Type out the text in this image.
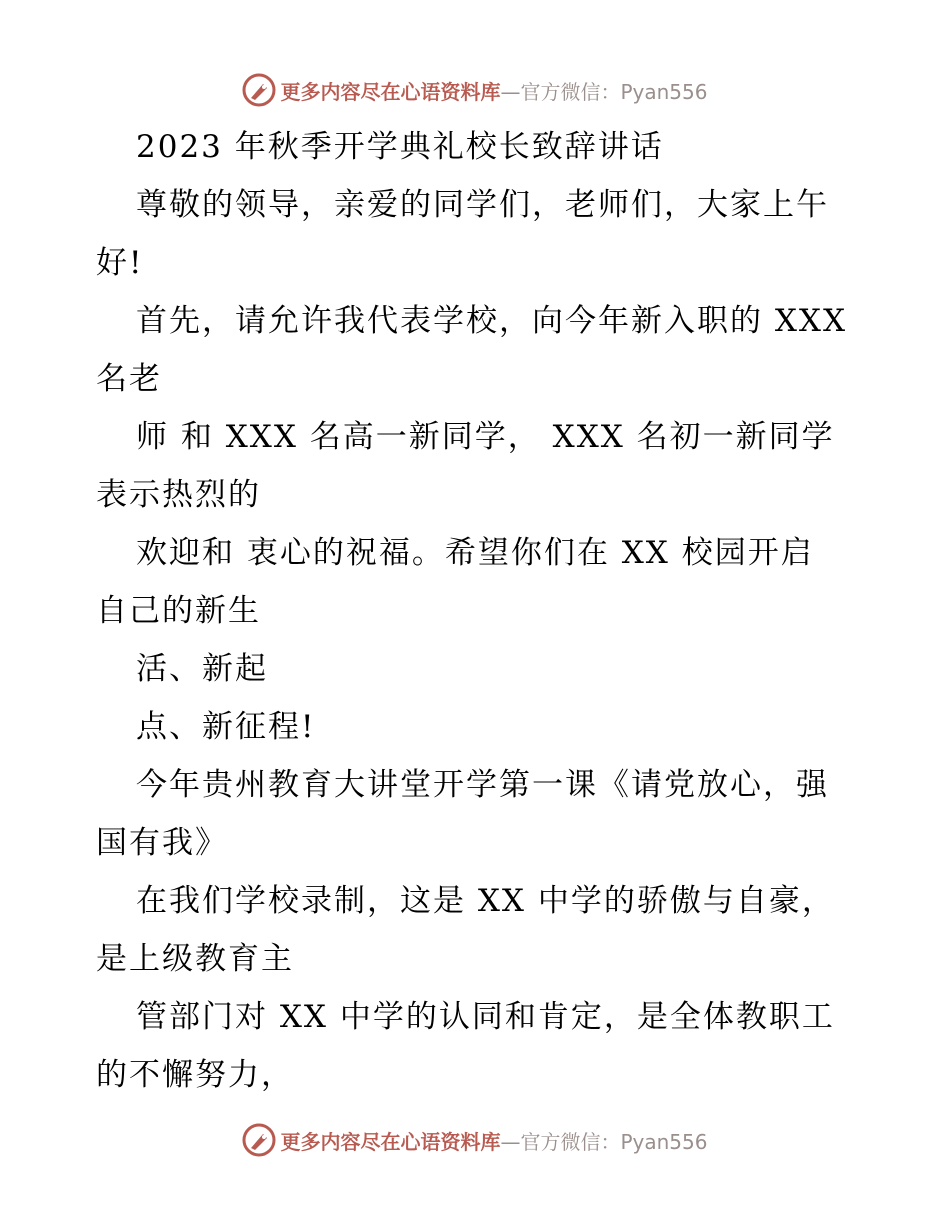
更多内容尽在心语资料库—官方微信：Pyan556
2023 年秋季开学典礼校长致辞讲话
尊敬的领导，亲爱的同学们，老师们，大家上午
好!
首先，请允许我代表学校，向今年新入职的 XXX
名老
师 和 XXX 名高一新同学， XXX 名初一新同学
表示热烈的
欢迎和 衷心的祝福。希望你们在 XX 校园开启
自己的新生
活、新起
点、新征程!
今年贵州教育大讲堂开学第一课《请党放心，强
国有我》
在我们学校录制，这是 XX 中学的骄傲与自豪，
是上级教育主
管部门对 XX 中学的认同和肯定，是全体教职工
的不懈努力，
更多内容尽在心语资料库—官方微信：Pyan556
